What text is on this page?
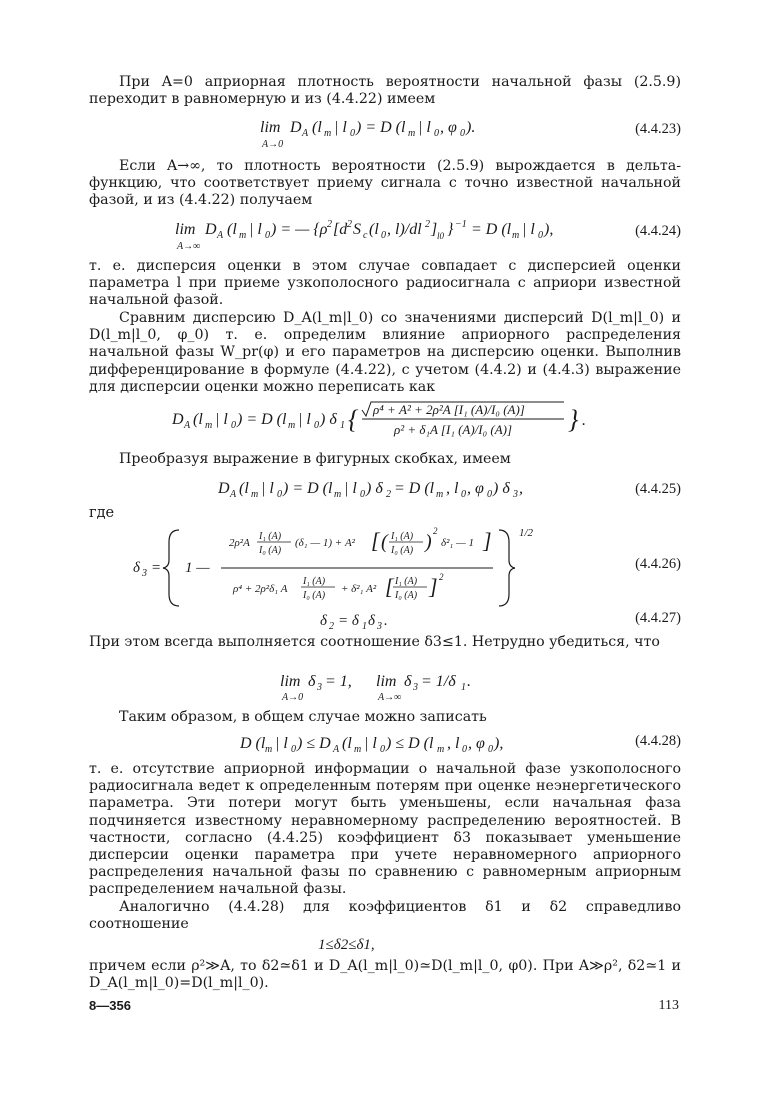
При A=0 априорная плотность вероятности начальной фазы (2.5.9) переходит в равномерную и из (4.4.22) имеем

lim
A→0
D A (l m | l 0 ) = D (l m | l 0 , φ 0 ).	(4.4.23)

Если A→∞, то плотность вероятности (2.5.9) вырождается в дельта-функцию, что соответствует приему сигнала с точно известной начальной фазой, и из (4.4.22) получаем

lim
A→∞
D A (l m | l 0 ) = — {ρ 2 [d 2 S c (l 0 , l)/dl 2 ] l0 } −1 = D (l m | l 0 ),	(4.4.24)

т. е. дисперсия оценки в этом случае совпадает с дисперсией оценки параметра l при приеме узкополосного радиосигнала с априори известной начальной фазой.

Сравним дисперсию D_A(l_m|l_0) со значениями дисперсий D(l_m|l_0) и D(l_m|l_0, φ_0) т. е. определим влияние априорного распределения начальной фазы W_pr(φ) и его параметров на дисперсию оценки. Выполнив дифференцирование в формуле (4.4.22), с учетом (4.4.2) и (4.4.3) выражение для дисперсии оценки можно переписать как

D A (l m | l 0 ) = D (l m | l 0 ) δ 1 { ρ⁴ + A² + 2ρ²A [I₁ (A)/I₀ (A)]
ρ² + δ₁A [I₁ (A)/I₀ (A)] } .

Преобразуя выражение в фигурных скобках, имеем

D A (l m | l 0 ) = D (l m | l 0 ) δ 2 = D (l m , l 0 , φ 0 ) δ 3 ,	(4.4.25)
где
δ 3 = 1 —
2ρ²A
I₁ (A)
I₀ (A)
(δ₁ — 1) + A² [ ( I₁ (A)
I₀ (A) ) 2
δ²₁ — 1 ]
ρ⁴ + 2ρ²δ₁ A
I₁ (A)
I₀ (A)
+ δ²₁ A² [ I₁ (A)
I₀ (A) ] 2
1/2
(4.4.26)
δ 2 = δ 1 δ 3 .	(4.4.27)

При этом всегда выполняется соотношение δ3≤1. Нетрудно убедиться, что

lim
A→0
δ 3 = 1, lim
A→∞
δ 3 = 1/δ 1 .

Таким образом, в общем случае можно записать

D (l m | l 0 ) ≤ D A (l m | l 0 ) ≤ D (l m , l 0 , φ 0 ),	(4.4.28)

т. е. отсутствие априорной информации о начальной фазе узкополосного радиосигнала ведет к определенным потерям при оценке неэнергетического параметра. Эти потери могут быть уменьшены, если начальная фаза подчиняется известному неравномерному распределению вероятностей. В частности, согласно (4.4.25) коэффициент δ3 показывает уменьшение дисперсии оценки параметра при учете неравномерного априорного распределения начальной фазы по сравнению с равномерным априорным распределением начальной фазы.

Аналогично (4.4.28) для коэффициентов δ1 и δ2 справедливо соотношение

1≤δ2≤δ1,

причем если ρ²≫A, то δ2≃δ1 и D_A(l_m|l_0)≃D(l_m|l_0, φ0). При A≫ρ², δ2≃1 и D_A(l_m|l_0)=D(l_m|l_0).

8—356	113
